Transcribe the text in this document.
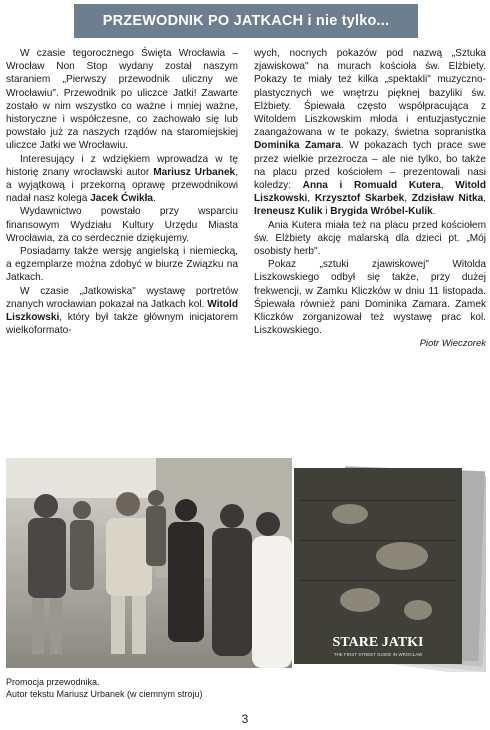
PRZEWODNIK PO JATKACH i nie tylko...

W czasie tegorocznego Święta Wrocławia – Wrocław Non Stop wydany został naszym staraniem „Pierwszy przewodnik uliczny we Wrocławiu". Przewodnik po uliczce Jatki! Zawarte zostało w nim wszystko co ważne i mniej ważne, historyczne i współczesne, co zachowało się lub powstało już za naszych rządów na staromiejskiej uliczce Jatki we Wrocławiu.

Interesujący i z wdziękiem wprowadza w tę historię znany wrocławski autor Mariusz Urbanek, a wyjątkową i przekorną oprawę przewodnikowi nadał nasz kolega Jacek Ćwikła.

Wydawnictwo powstało przy wsparciu finansowym Wydziału Kultury Urzędu Miasta Wrocławia, za co serdecznie dziękujemy.

Posiadamy także wersję angielską i niemiecką, a egzemplarze można zdobyć w biurze Związku na Jatkach.

W czasie „Jatkowiska" wystawę portretów znanych wrocławian pokazał na Jatkach kol. Witold Liszkowski, który był także głównym inicjatorem wielkoformato-

wych, nocnych pokazów pod nazwą „Sztuka zjawiskowa" na murach kościoła św. Elżbiety. Pokazy te miały też kilka „spektakli" muzyczno-plastycznych we wnętrzu pięknej bazyliki św. Elżbiety. Śpiewała często współpracująca z Witoldem Liszkowskim młoda i entuzjastycznie zaangażowana w te pokazy, świetna sopranistka Dominika Zamara. W pokazach tych prace swe przez wielkie przezrocza – ale nie tylko, bo także na placu przed kościołem – prezentowali nasi koledzy: Anna i Romuald Kutera, Witold Liszkowski, Krzysztof Skarbek, Zdzisław Nitka, Ireneusz Kulik i Brygida Wróbel-Kulik.

Ania Kutera miała też na placu przed kościołem św. Elżbiety akcję malarską dla dzieci pt. „Mój osobisty herb".

Pokaz „sztuki zjawiskowej" Witolda Liszkowskiego odbył się także, przy dużej frekwencji, w Zamku Kliczków w dniu 11 listopada. Śpiewała również pani Dominika Zamara. Zamek Kliczków zorganizował też wystawę prac kol. Liszkowskiego.

Piotr Wieczorek

STARE JATKI
THE FIRST STREET GUIDE IN WROCŁAW
Promocja przewodnika.
Autor tekstu Mariusz Urbanek (w ciemnym stroju)
3
